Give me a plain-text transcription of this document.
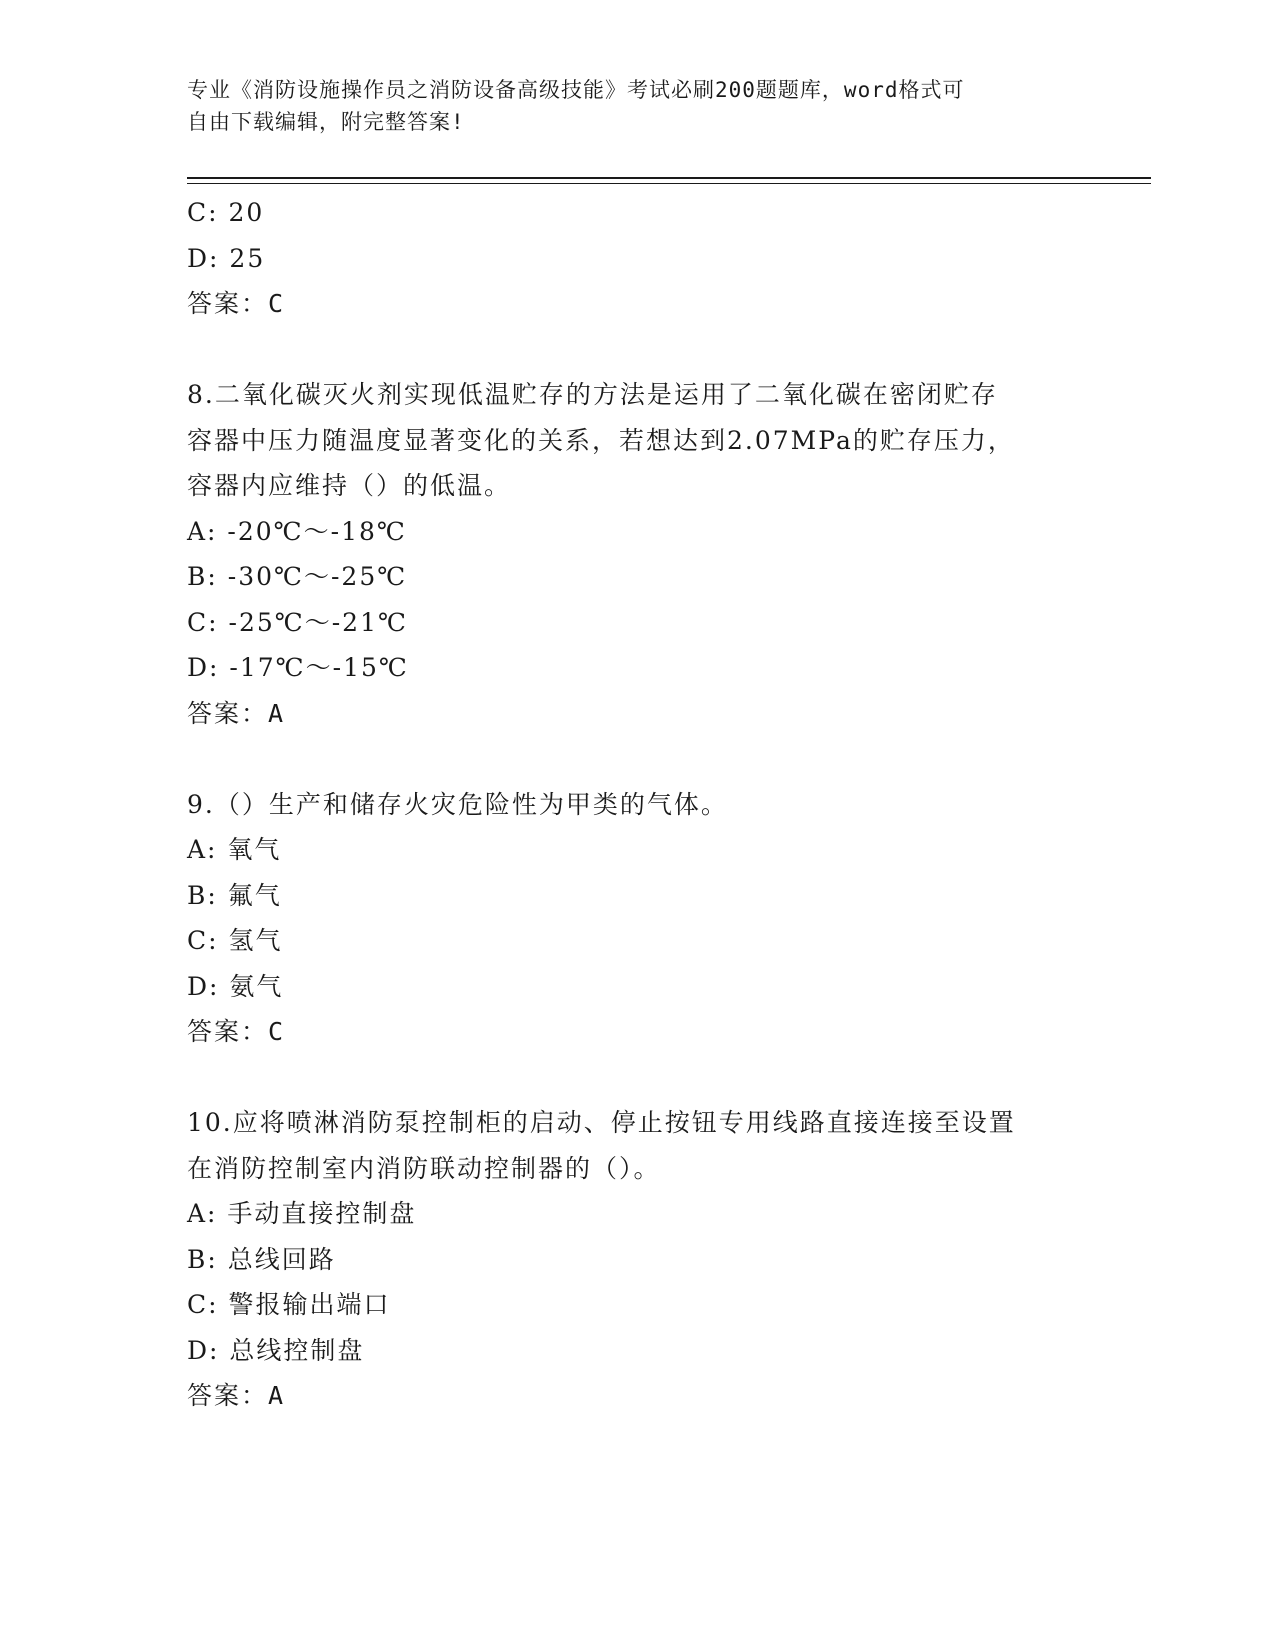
专业《消防设施操作员之消防设备高级技能》考试必刷200题题库，word格式可
自由下载编辑，附完整答案!
C: 20
D: 25
答案：C
8.二氧化碳灭火剂实现低温贮存的方法是运用了二氧化碳在密闭贮存
容器中压力随温度显著变化的关系，若想达到2.07MPa的贮存压力，
容器内应维持（）的低温。
A: -20℃～-18℃
B: -30℃～-25℃
C: -25℃～-21℃
D: -17℃～-15℃
答案：A
9.（）生产和储存火灾危险性为甲类的气体。
A: 氧气
B: 氟气
C: 氢气
D: 氨气
答案：C
10.应将喷淋消防泵控制柜的启动、停止按钮专用线路直接连接至设置
在消防控制室内消防联动控制器的（）。
A: 手动直接控制盘
B: 总线回路
C: 警报输出端口
D: 总线控制盘
答案：A
